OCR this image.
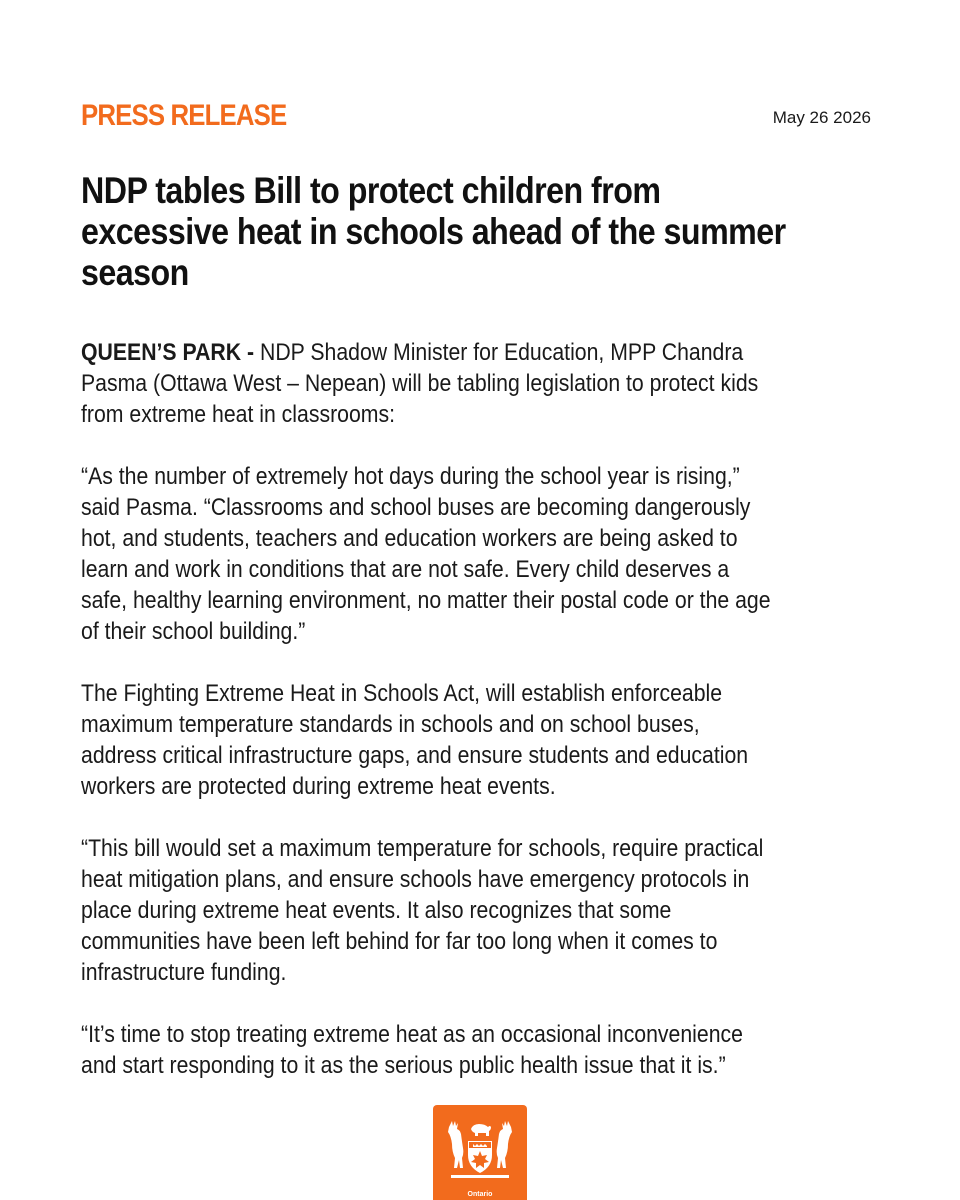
PRESS RELEASE	May 26 2026
NDP tables Bill to protect children from
excessive heat in schools ahead of the summer
season

QUEEN’S PARK - NDP Shadow Minister for Education, MPP Chandra
Pasma (Ottawa West – Nepean) will be tabling legislation to protect kids
from extreme heat in classrooms:

“As the number of extremely hot days during the school year is rising,”
said Pasma. “Classrooms and school buses are becoming dangerously
hot, and students, teachers and education workers are being asked to
learn and work in conditions that are not safe. Every child deserves a
safe, healthy learning environment, no matter their postal code or the age
of their school building.”

The Fighting Extreme Heat in Schools Act, will establish enforceable
maximum temperature standards in schools and on school buses,
address critical infrastructure gaps, and ensure students and education
workers are protected during extreme heat events.

“This bill would set a maximum temperature for schools, require practical
heat mitigation plans, and ensure schools have emergency protocols in
place during extreme heat events. It also recognizes that some
communities have been left behind for far too long when it comes to
infrastructure funding.

“It’s time to stop treating extreme heat as an occasional inconvenience
and start responding to it as the serious public health issue that it is.”

Ontario
